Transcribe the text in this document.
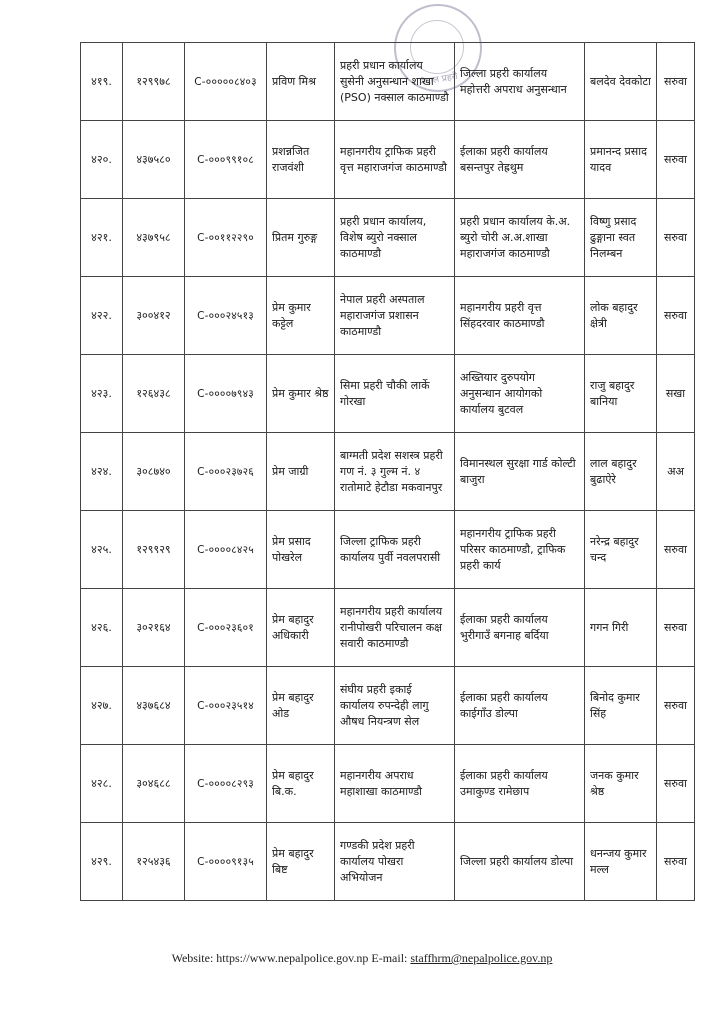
नेपाल प्रहरी
४१९.	१२९९७८	C-०००००८४०३	प्रविण मिश्र	प्रहरी प्रधान कार्यालय सुसेनी अनुसन्धान शाखा (PSO) नक्साल काठमाण्डौ	जिल्ला प्रहरी कार्यालय महोत्तरी अपराध अनुसन्धान	बलदेव देवकोटा	सरुवा
४२०.	४३७५८०	C-०००९९१०८	प्रशन्नजित राजवंशी	महानगरीय ट्राफिक प्रहरी वृत्त महाराजगंज काठमाण्डौ	ईलाका प्रहरी कार्यालय बसन्तपुर तेह्रथुम	प्रमानन्द प्रसाद यादव	सरुवा
४२१.	४३७९५८	C-००११२२९०	प्रितम गुरुङ्ग	प्रहरी प्रधान कार्यालय, विशेष ब्युरो नक्साल काठमाण्डौ	प्रहरी प्रधान कार्यालय के.अ. ब्युरो चोरी अ.अ.शाखा महाराजगंज काठमाण्डौ	विष्णु प्रसाद ढुङ्गाना स्वत निलम्बन	सरुवा
४२२.	३००४१२	C-०००२४५१३	प्रेम कुमार कट्टेल	नेपाल प्रहरी अस्पताल महाराजगंज प्रशासन काठमाण्डौ	महानगरीय प्रहरी वृत्त सिंहदरवार काठमाण्डौ	लोक बहादुर क्षेत्री	सरुवा
४२३.	१२६४३८	C-००००७९४३	प्रेम कुमार श्रेष्ठ	सिमा प्रहरी चौकी लार्के गोरखा	अख्तियार दुरुपयोग अनुसन्धान आयोगको कार्यालय बुटवल	राजु बहादुर बानिया	सखा
४२४.	३०८७४०	C-०००२३७२६	प्रेम जाग्री	बाग्मती प्रदेश सशस्त्र प्रहरी गण नं. ३ गुल्म नं. ४ रातोमाटे हेटौडा मकवानपुर	विमानस्थल सुरक्षा गार्ड कोल्टी बाजुरा	लाल बहादुर बुढाऐरे	अअ
४२५.	१२९९२९	C-००००८४२५	प्रेम प्रसाद पोखरेल	जिल्ला ट्राफिक प्रहरी कार्यालय पुर्वी नवलपरासी	महानगरीय ट्राफिक प्रहरी परिसर काठमाण्डौ, ट्राफिक प्रहरी कार्य	नरेन्द्र बहादुर चन्द	सरुवा
४२६.	३०२१६४	C-०००२३६०१	प्रेम बहादुर अधिकारी	महानगरीय प्रहरी कार्यालय रानीपोखरी परिचालन कक्ष सवारी काठमाण्डौ	ईलाका प्रहरी कार्यालय भुरीगाउँ बगनाह बर्दिया	गगन गिरी	सरुवा
४२७.	४३७६८४	C-०००२३५१४	प्रेम बहादुर ओड	संघीय प्रहरी इकाई कार्यालय रुपन्देही लागु औषध नियन्त्रण सेल	ईलाका प्रहरी कार्यालय काईगाँउ डोल्पा	बिनोद कुमार सिंह	सरुवा
४२८.	३०४६८८	C-००००८२९३	प्रेम बहादुर बि.क.	महानगरीय अपराध महाशाखा काठमाण्डौ	ईलाका प्रहरी कार्यालय उमाकुण्ड रामेछाप	जनक कुमार श्रेष्ठ	सरुवा
४२९.	१२५४३६	C-००००९१३५	प्रेम बहादुर बिष्ट	गण्डकी प्रदेश प्रहरी कार्यालय पोखरा अभियोजन	जिल्ला प्रहरी कार्यालय डोल्पा	धनन्जय कुमार मल्ल	सरुवा
Website: https://www.nepalpolice.gov.np E-mail: staffhrm@nepalpolice.gov.np
